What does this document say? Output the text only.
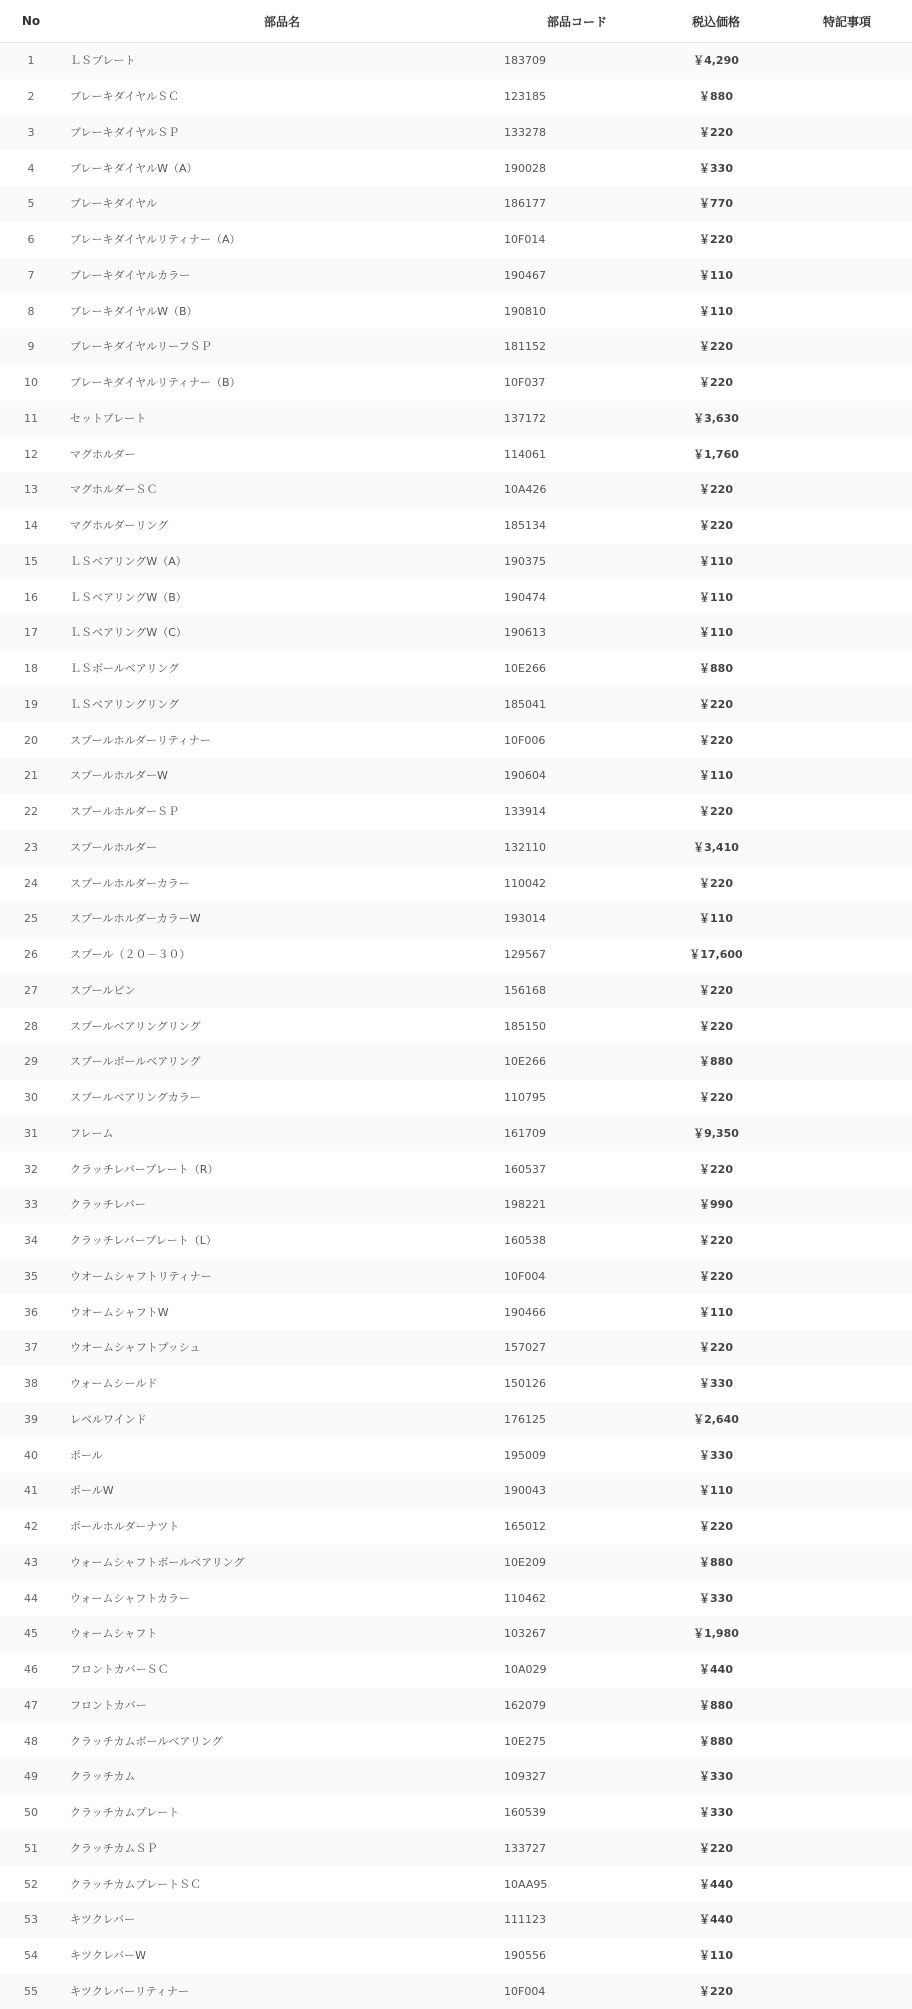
No	部品名	部品コード	税込価格	特記事項
1	ＬＳプレート	183709	￥4,290	
2	ブレーキダイヤルＳＣ	123185	￥880	
3	ブレーキダイヤルＳＰ	133278	￥220	
4	ブレーキダイヤルW（A）	190028	￥330	
5	ブレーキダイヤル	186177	￥770	
6	ブレーキダイヤルリティナー（A）	10F014	￥220	
7	ブレーキダイヤルカラー	190467	￥110	
8	ブレーキダイヤルW（B）	190810	￥110	
9	ブレーキダイヤルリーフＳＰ	181152	￥220	
10	ブレーキダイヤルリティナー（B）	10F037	￥220	
11	セットプレート	137172	￥3,630	
12	マグホルダー	114061	￥1,760	
13	マグホルダーＳＣ	10A426	￥220	
14	マグホルダーリング	185134	￥220	
15	ＬＳベアリングW（A）	190375	￥110	
16	ＬＳベアリングW（B）	190474	￥110	
17	ＬＳベアリングW（C）	190613	￥110	
18	ＬＳボールベアリング	10E266	￥880	
19	ＬＳベアリングリング	185041	￥220	
20	スプールホルダーリティナー	10F006	￥220	
21	スプールホルダーW	190604	￥110	
22	スプールホルダーＳＰ	133914	￥220	
23	スプールホルダー	132110	￥3,410	
24	スプールホルダーカラー	110042	￥220	
25	スプールホルダーカラーW	193014	￥110	
26	スプール（２０－３０）	129567	￥17,600	
27	スプールピン	156168	￥220	
28	スプールベアリングリング	185150	￥220	
29	スプールボールベアリング	10E266	￥880	
30	スプールベアリングカラー	110795	￥220	
31	フレーム	161709	￥9,350	
32	クラッチレバープレート（R）	160537	￥220	
33	クラッチレバー	198221	￥990	
34	クラッチレバープレート（L）	160538	￥220	
35	ウオームシャフトリティナー	10F004	￥220	
36	ウオームシャフトW	190466	￥110	
37	ウオームシャフトブッシュ	157027	￥220	
38	ウォームシールド	150126	￥330	
39	レベルワインド	176125	￥2,640	
40	ポール	195009	￥330	
41	ポールW	190043	￥110	
42	ポールホルダーナツト	165012	￥220	
43	ウォームシャフトボールベアリング	10E209	￥880	
44	ウォームシャフトカラー	110462	￥330	
45	ウォームシャフト	103267	￥1,980	
46	フロントカバーＳＣ	10A029	￥440	
47	フロントカバー	162079	￥880	
48	クラッチカムボールベアリング	10E275	￥880	
49	クラッチカム	109327	￥330	
50	クラッチカムプレート	160539	￥330	
51	クラッチカムＳＰ	133727	￥220	
52	クラッチカムプレートＳＣ	10AA95	￥440	
53	キツクレバー	111123	￥440	
54	キツクレバーW	190556	￥110	
55	キツクレバーリティナー	10F004	￥220	
